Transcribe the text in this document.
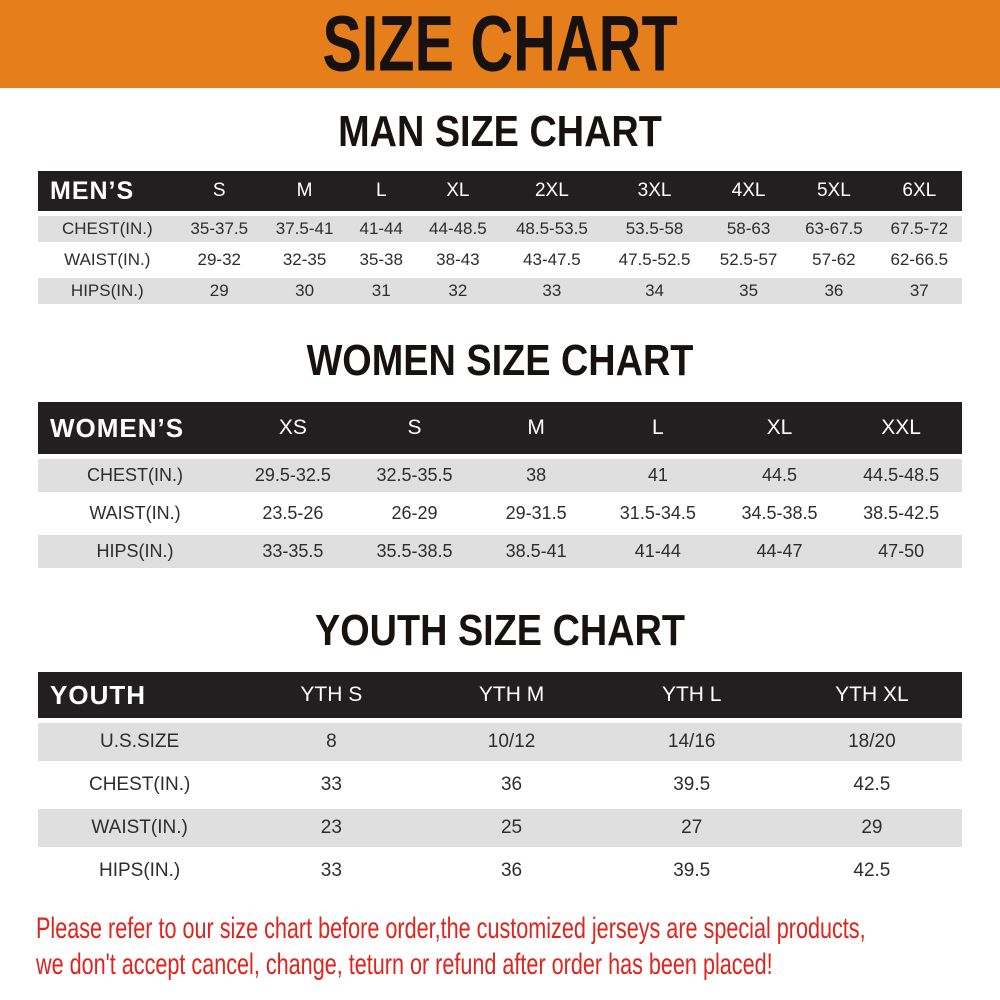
SIZE CHART
MAN SIZE CHART
MEN’S	S	M	L	XL	2XL	3XL	4XL	5XL	6XL
CHEST(IN.)	35-37.5	37.5-41	41-44	44-48.5	48.5-53.5	53.5-58	58-63	63-67.5	67.5-72
WAIST(IN.)	29-32	32-35	35-38	38-43	43-47.5	47.5-52.5	52.5-57	57-62	62-66.5
HIPS(IN.)	29	30	31	32	33	34	35	36	37
WOMEN SIZE CHART
WOMEN’S	XS	S	M	L	XL	XXL
CHEST(IN.)	29.5-32.5	32.5-35.5	38	41	44.5	44.5-48.5
WAIST(IN.)	23.5-26	26-29	29-31.5	31.5-34.5	34.5-38.5	38.5-42.5
HIPS(IN.)	33-35.5	35.5-38.5	38.5-41	41-44	44-47	47-50
YOUTH SIZE CHART
YOUTH	YTH S	YTH M	YTH L	YTH XL
U.S.SIZE	8	10/12	14/16	18/20
CHEST(IN.)	33	36	39.5	42.5
WAIST(IN.)	23	25	27	29
HIPS(IN.)	33	36	39.5	42.5

Please refer to our size chart before order,the customized jerseys are special products,

we don't accept cancel, change, teturn or refund after order has been placed!
